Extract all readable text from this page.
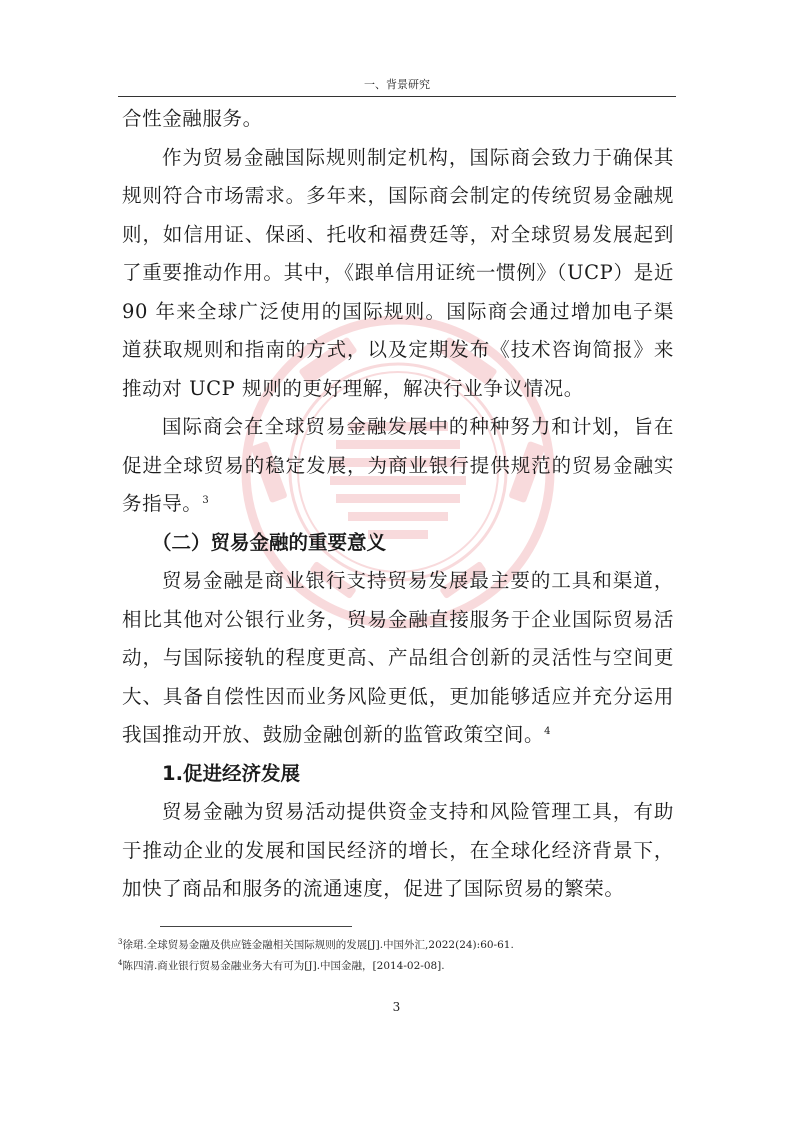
一、背景研究

合性金融服务。

作为贸易金融国际规则制定机构，国际商会致力于确保其规则符合市场需求。多年来，国际商会制定的传统贸易金融规则，如信用证、保函、托收和福费廷等，对全球贸易发展起到了重要推动作用。其中，《跟单信用证统一惯例》（UCP）是近 90 年来全球广泛使用的国际规则。国际商会通过增加电子渠道获取规则和指南的方式，以及定期发布《技术咨询简报》来推动对 UCP 规则的更好理解，解决行业争议情况。

国际商会在全球贸易金融发展中的种种努力和计划，旨在促进全球贸易的稳定发展，为商业银行提供规范的贸易金融实务指导。$^3$

（二）贸易金融的重要意义

贸易金融是商业银行支持贸易发展最主要的工具和渠道，相比其他对公银行业务，贸易金融直接服务于企业国际贸易活动，与国际接轨的程度更高、产品组合创新的灵活性与空间更大、具备自偿性因而业务风险更低，更加能够适应并充分运用我国推动开放、鼓励金融创新的监管政策空间。$^4$

1.促进经济发展

贸易金融为贸易活动提供资金支持和风险管理工具，有助于推动企业的发展和国民经济的增长，在全球化经济背景下，加快了商品和服务的流通速度，促进了国际贸易的繁荣。

$^3$徐珺.全球贸易金融及供应链金融相关国际规则的发展[J].中国外汇,2022(24):60-61.
$^4$陈四清.商业银行贸易金融业务大有可为[J].中国金融，[2014-02-08].
3
